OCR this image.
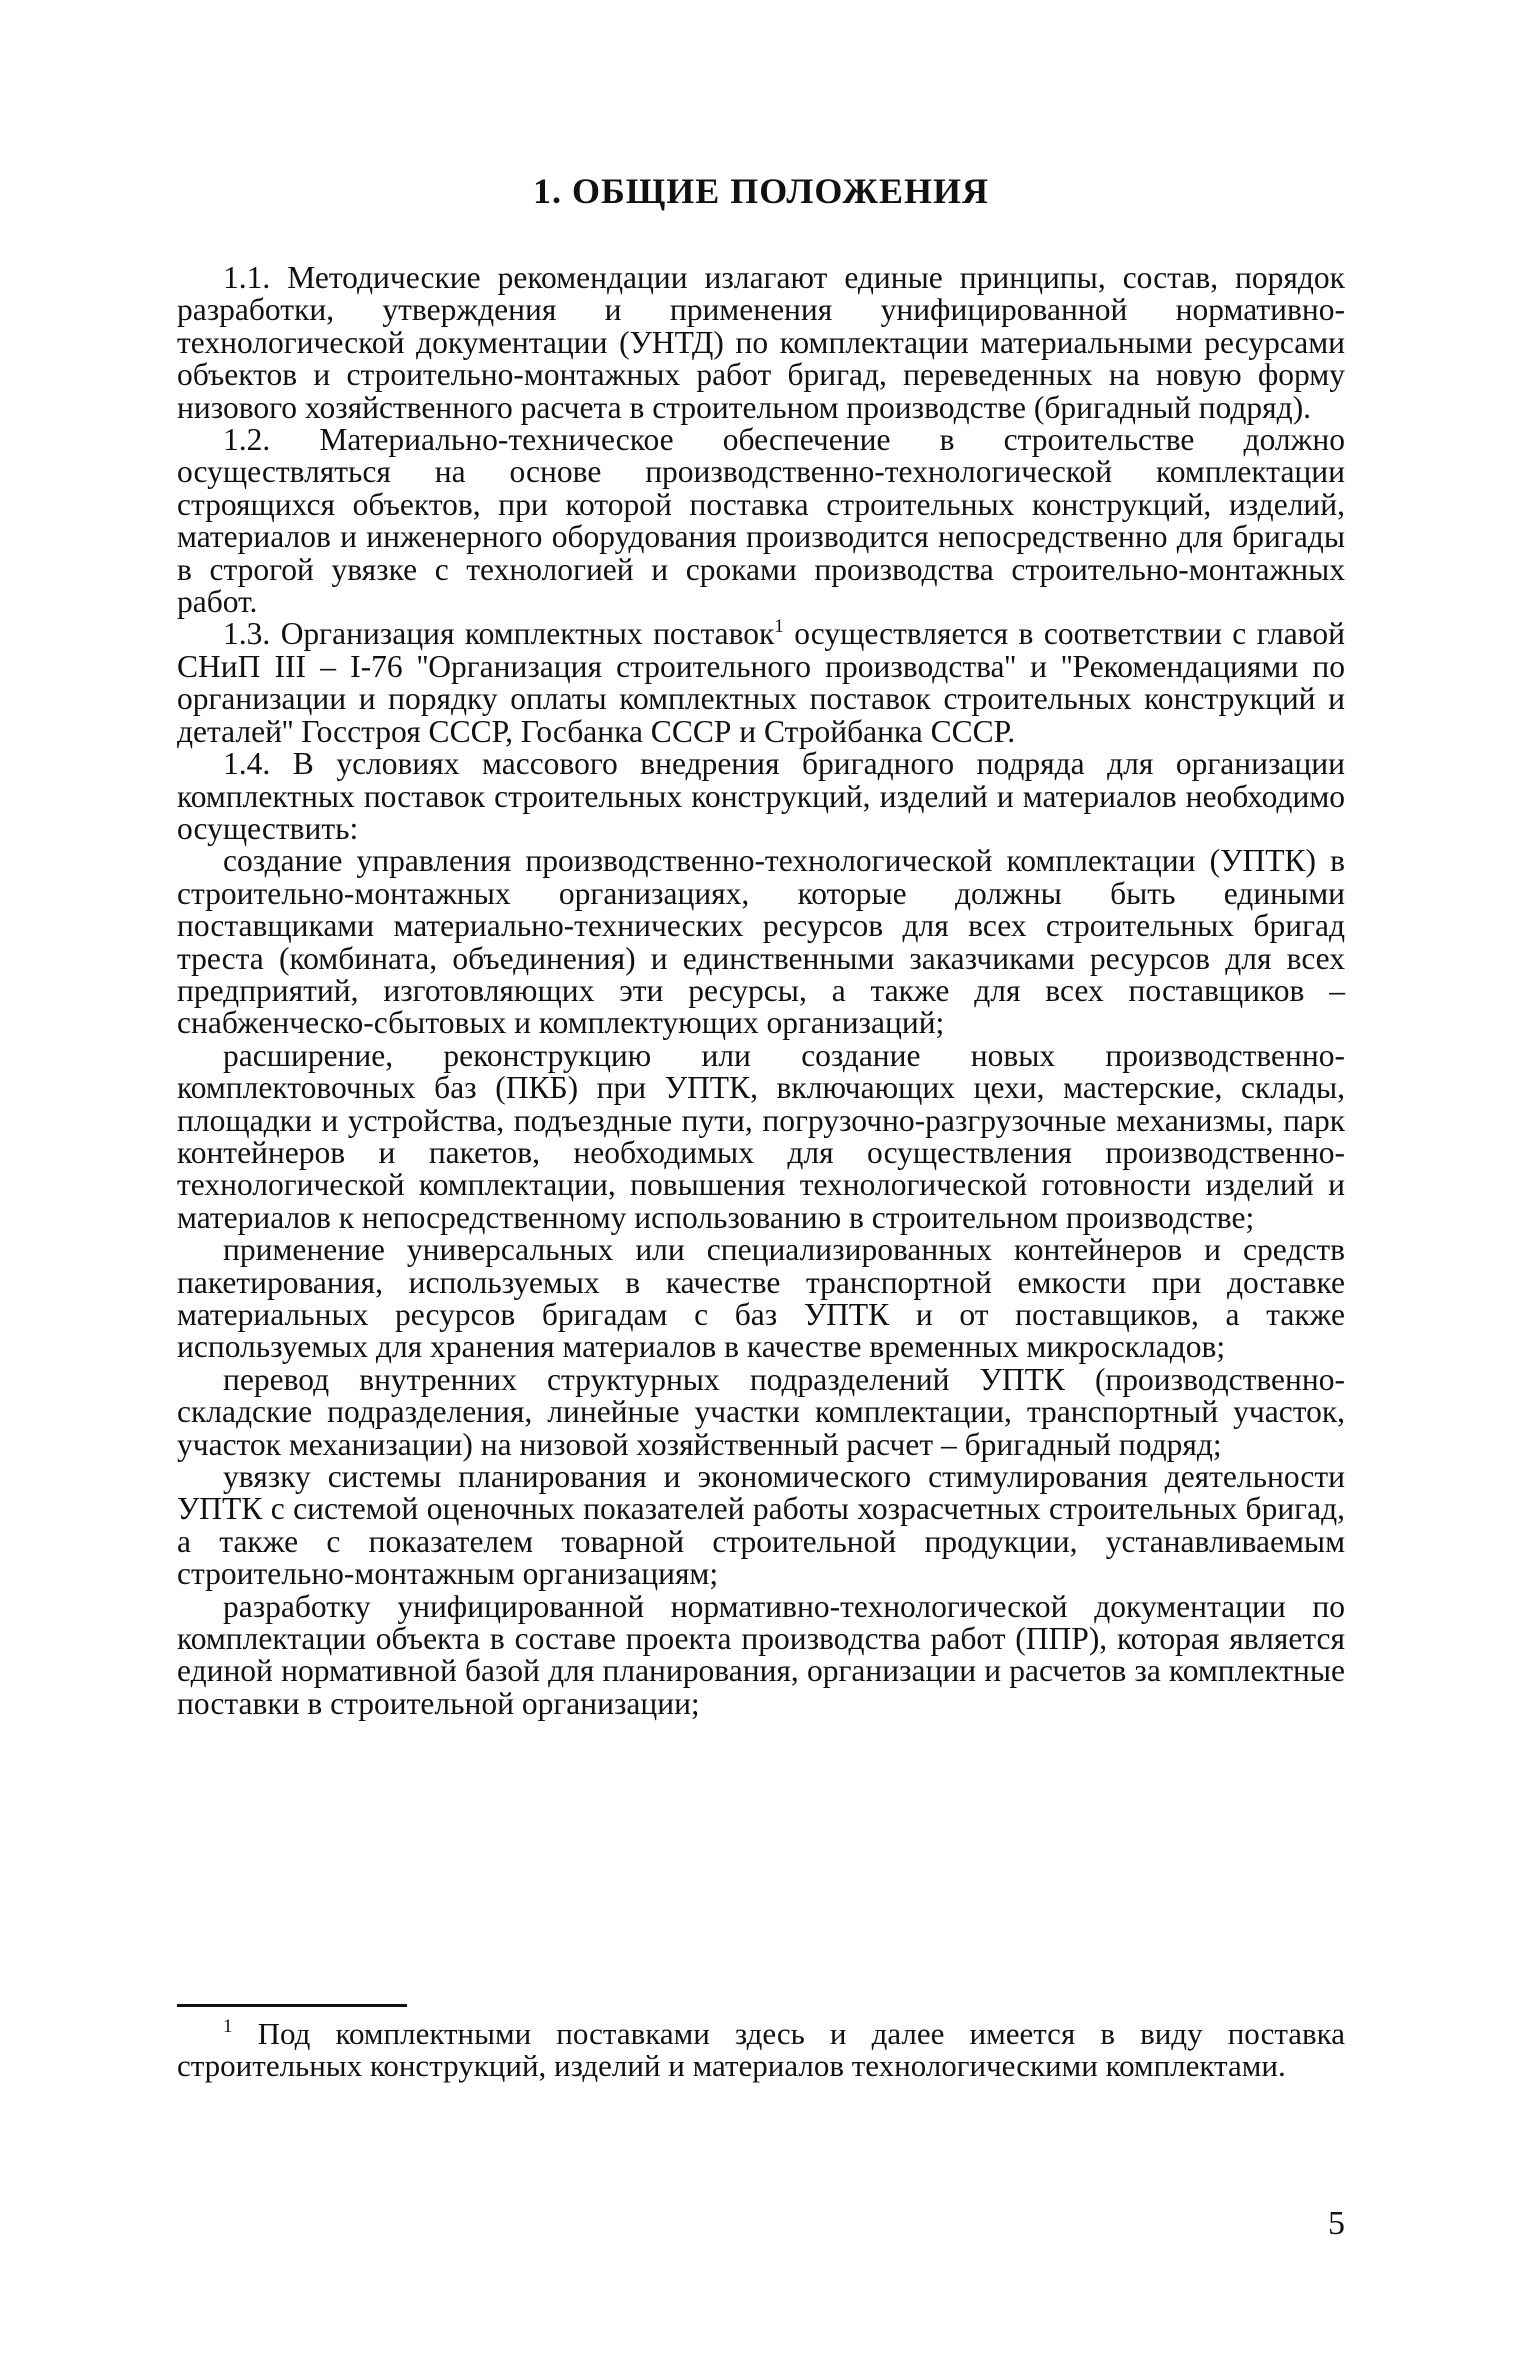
1. ОБЩИЕ ПОЛОЖЕНИЯ

1.1. Методические рекомендации излагают единые принципы, состав, порядок разработки, утверждения и применения унифицированной нормативно-технологической документации (УНТД) по комплектации материальными ресурсами объектов и строительно-монтажных работ бригад, переведенных на новую форму низового хозяйственного расчета в строительном производстве (бригадный подряд).

1.2. Материально-техническое обеспечение в строительстве должно осуществляться на основе производственно-технологической комплектации строящихся объектов, при которой поставка строительных конструкций, изделий, материалов и инженерного оборудования производится непосредственно для бригады в строгой увязке с технологией и сроками производства строительно-монтажных работ.

1.3. Организация комплектных поставок$^1$ осуществляется в соответствии с главой СНиП III – I-76 ''Организация строительного производства'' и ''Рекомендациями по организации и порядку оплаты комплектных поставок строительных конструкций и деталей'' Госстроя СССР, Госбанка СССР и Стройбанка СССР.

1.4. В условиях массового внедрения бригадного подряда для организации комплектных поставок строительных конструкций, изделий и материалов необходимо осуществить:

создание управления производственно-технологической комплектации (УПТК) в строительно-монтажных организациях, которые должны быть едиными поставщиками материально-технических ресурсов для всех строительных бригад треста (комбината, объединения) и единственными заказчиками ресурсов для всех предприятий, изготовляющих эти ресурсы, а также для всех поставщиков – снабженческо-сбытовых и комплектующих организаций;

расширение, реконструкцию или создание новых производственно-комплектовочных баз (ПКБ) при УПТК, включающих цехи, мастерские, склады, площадки и устройства, подъездные пути, погрузочно-разгрузочные механизмы, парк контейнеров и пакетов, необходимых для осуществления производственно-технологической комплектации, повышения технологической готовности изделий и материалов к непосредственному использованию в строительном производстве;

применение универсальных или специализированных контейнеров и средств пакетирования, используемых в качестве транспортной емкости при доставке материальных ресурсов бригадам с баз УПТК и от поставщиков, а также используемых для хранения материалов в качестве временных микроскладов;

перевод внутренних структурных подразделений УПТК (производственно-складские подразделения, линейные участки комплектации, транспортный участок, участок механизации) на низовой хозяйственный расчет – бригадный подряд;

увязку системы планирования и экономического стимулирования деятельности УПТК с системой оценочных показателей работы хозрасчетных строительных бригад, а также с показателем товарной строительной продукции, устанавливаемым строительно-монтажным организациям;

разработку унифицированной нормативно-технологической документации по комплектации объекта в составе проекта производства работ (ППР), которая является единой нормативной базой для планирования, организации и расчетов за комплектные поставки в строительной организации;

$^1$ Под комплектными поставками здесь и далее имеется в виду поставка строительных конструкций, изделий и материалов технологическими комплектами.

5
